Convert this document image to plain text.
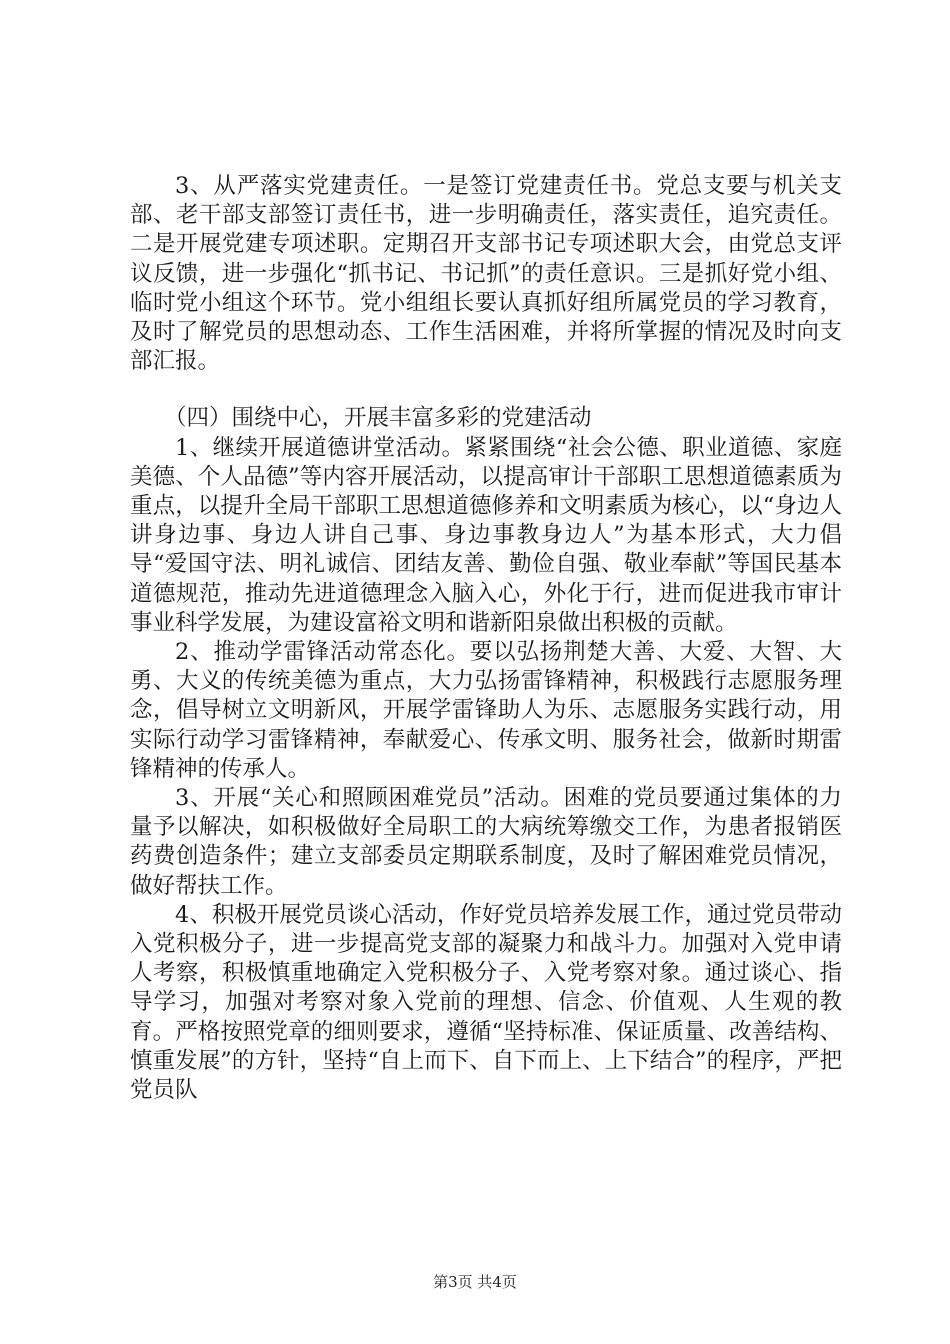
3、从严落实党建责任。一是签订党建责任书。党总支要与机关支部、老干部支部签订责任书，进一步明确责任，落实责任，追究责任。二是开展党建专项述职。定期召开支部书记专项述职大会，由党总支评议反馈，进一步强化“抓书记、书记抓”的责任意识。三是抓好党小组、临时党小组这个环节。党小组组长要认真抓好组所属党员的学习教育，及时了解党员的思想动态、工作生活困难，并将所掌握的情况及时向支部汇报。

（四）围绕中心，开展丰富多彩的党建活动

1、继续开展道德讲堂活动。紧紧围绕“社会公德、职业道德、家庭美德、个人品德”等内容开展活动，以提高审计干部职工思想道德素质为重点，以提升全局干部职工思想道德修养和文明素质为核心，以“身边人讲身边事、身边人讲自己事、身边事教身边人”为基本形式，大力倡导“爱国守法、明礼诚信、团结友善、勤俭自强、敬业奉献”等国民基本道德规范，推动先进道德理念入脑入心，外化于行，进而促进我市审计事业科学发展，为建设富裕文明和谐新阳泉做出积极的贡献。

2、推动学雷锋活动常态化。要以弘扬荆楚大善、大爱、大智、大勇、大义的传统美德为重点，大力弘扬雷锋精神，积极践行志愿服务理念，倡导树立文明新风，开展学雷锋助人为乐、志愿服务实践行动，用实际行动学习雷锋精神，奉献爱心、传承文明、服务社会，做新时期雷锋精神的传承人。

3、开展“关心和照顾困难党员”活动。困难的党员要通过集体的力量予以解决，如积极做好全局职工的大病统筹缴交工作，为患者报销医药费创造条件；建立支部委员定期联系制度，及时了解困难党员情况，做好帮扶工作。

4、积极开展党员谈心活动，作好党员培养发展工作，通过党员带动入党积极分子，进一步提高党支部的凝聚力和战斗力。加强对入党申请人考察，积极慎重地确定入党积极分子、入党考察对象。通过谈心、指导学习，加强对考察对象入党前的理想、信念、价值观、人生观的教育。严格按照党章的细则要求，遵循“坚持标准、保证质量、改善结构、慎重发展”的方针，坚持“自上而下、自下而上、上下结合”的程序，严把党员队

第3页 共4页
